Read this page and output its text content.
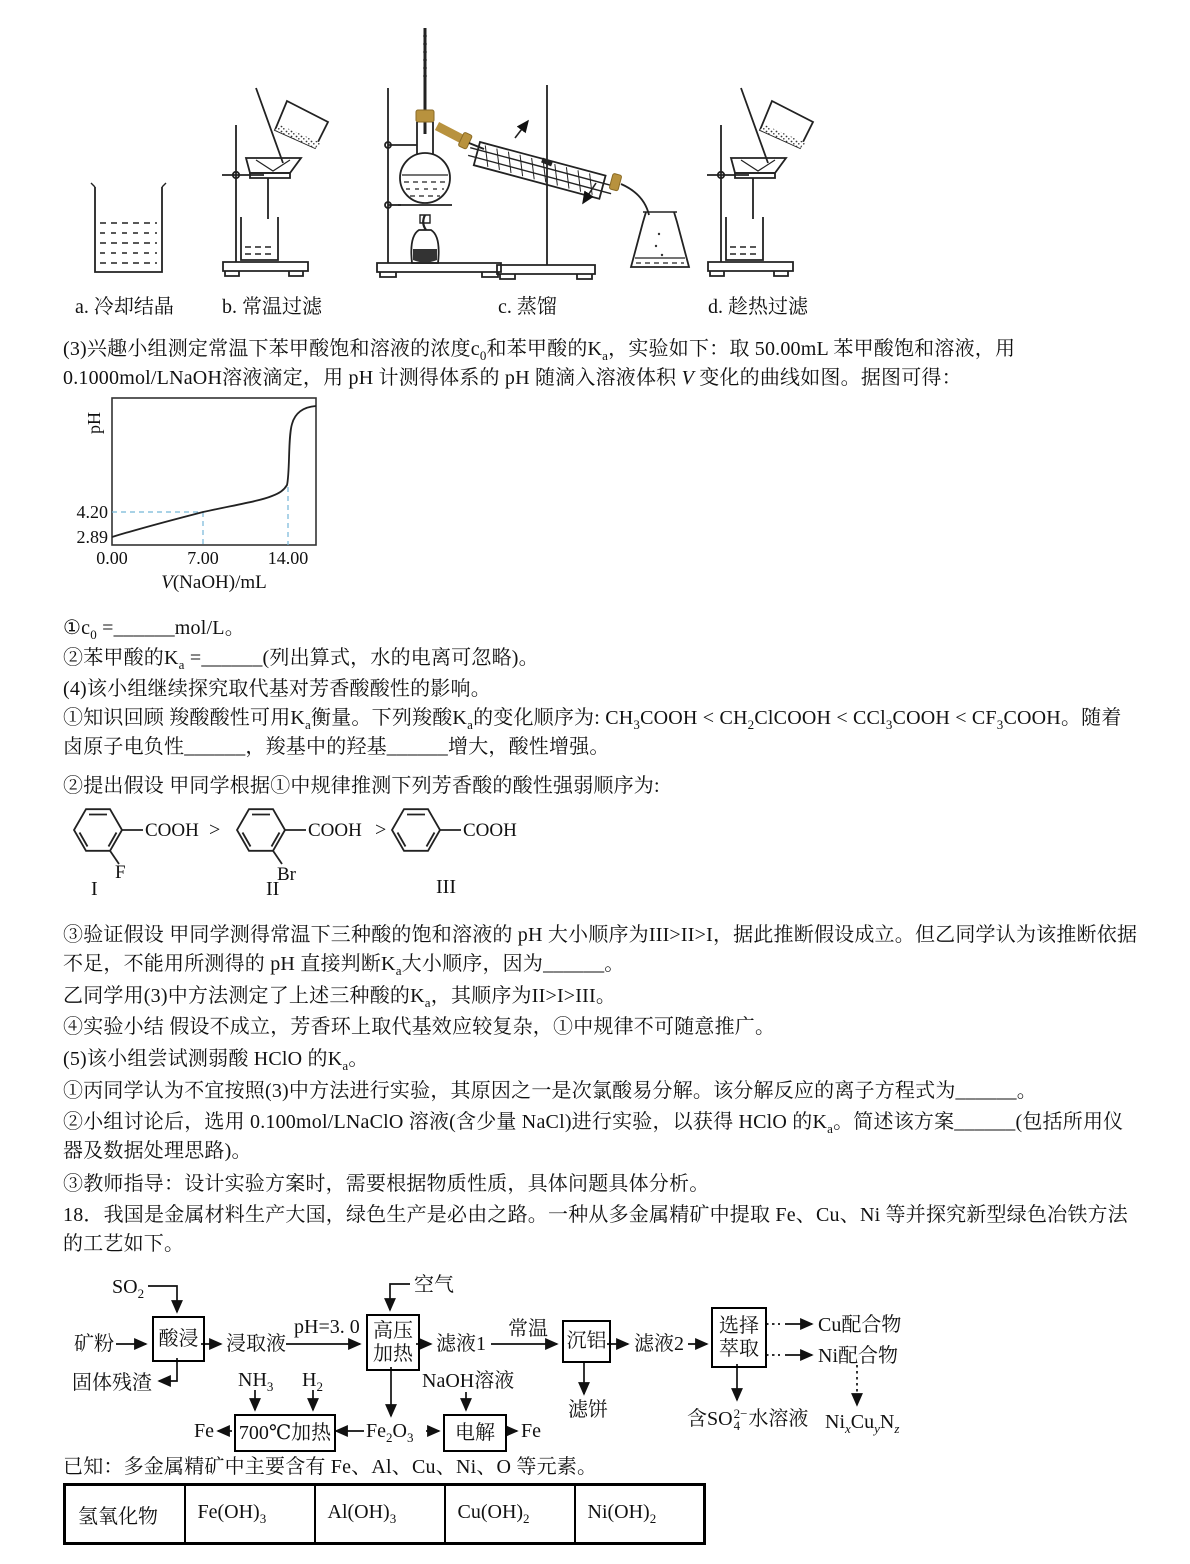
a. 冷却结晶 b. 常温过滤	c. 蒸馏	d. 趁热过滤
(3)兴趣小组测定常温下苯甲酸饱和溶液的浓度$c_0$和苯甲酸的$K_a$，实验如下：取 50.00mL 苯甲酸饱和溶液，用 0.1000mol/LNaOH溶液滴定，用 pH 计测得体系的 pH 随滴入溶液体积 V 变化的曲线如图。据图可得：
4.20
2.89
0.00	7.00	14.00
pH
V(NaOH)/mL
$①c_0$ =______mol/L。
②苯甲酸的$K_a$ =______(列出算式，水的电离可忽略)。
(4)该小组继续探究取代基对芳香酸酸性的影响。
①知识回顾 羧酸酸性可用$K_a$衡量。下列羧酸$K_a$的变化顺序为: $CH_3COOH$ < $CH_2ClCOOH$ < CCl$_3$COOH < $CF_3COOH$。随着卤原子电负性______，羧基中的羟基______增大，酸性增强。
②提出假设 甲同学根据①中规律推测下列芳香酸的酸性强弱顺序为:
COOH >
F
I
COOH >
Br
II
COOH
III
③验证假设 甲同学测得常温下三种酸的饱和溶液的 pH 大小顺序为III>II>I，据此推断假设成立。但乙同学认为该推断依据不足，不能用所测得的 pH 直接判断$K_a$大小顺序，因为______。
乙同学用(3)中方法测定了上述三种酸的$K_a$，其顺序为II>I>III。
④实验小结 假设不成立，芳香环上取代基效应较复杂，①中规律不可随意推广。
(5)该小组尝试测弱酸 HClO 的$K_a$。
①丙同学认为不宜按照(3)中方法进行实验，其原因之一是次氯酸易分解。该分解反应的离子方程式为______。
②小组讨论后，选用 0.100mol/LNaClO 溶液(含少量 NaCl)进行实验，以获得 HClO 的$K_a$。简述该方案______(包括所用仪器及数据处理思路)。
③教师指导：设计实验方案时，需要根据物质性质，具体问题具体分析。
18．我国是金属材料生产大国，绿色生产是必由之路。一种从多金属精矿中提取 Fe、Cu、Ni 等并探究新型绿色冶铁方法的工艺如下。
酸浸	高压
加热
沉铝
选择
萃取
700℃加热	电解
$SO_2$
矿粉	浸取液
pH=3. 0
空气
滤液1
常温
滤液2
Cu配合物
Ni配合物
固体残渣	$NH_3$ $H_2$	NaOH溶液
滤饼	含SO 2−
4 水溶液 $Ni_xCu_yN_z$
Fe	$Fe_2O_3$	Fe
已知：多金属精矿中主要含有 Fe、Al、Cu、Ni、O 等元素。
氢氧化物	$Fe(OH)_3$	$Al(OH)_3$	$Cu(OH)_2$	$Ni(OH)_2$
